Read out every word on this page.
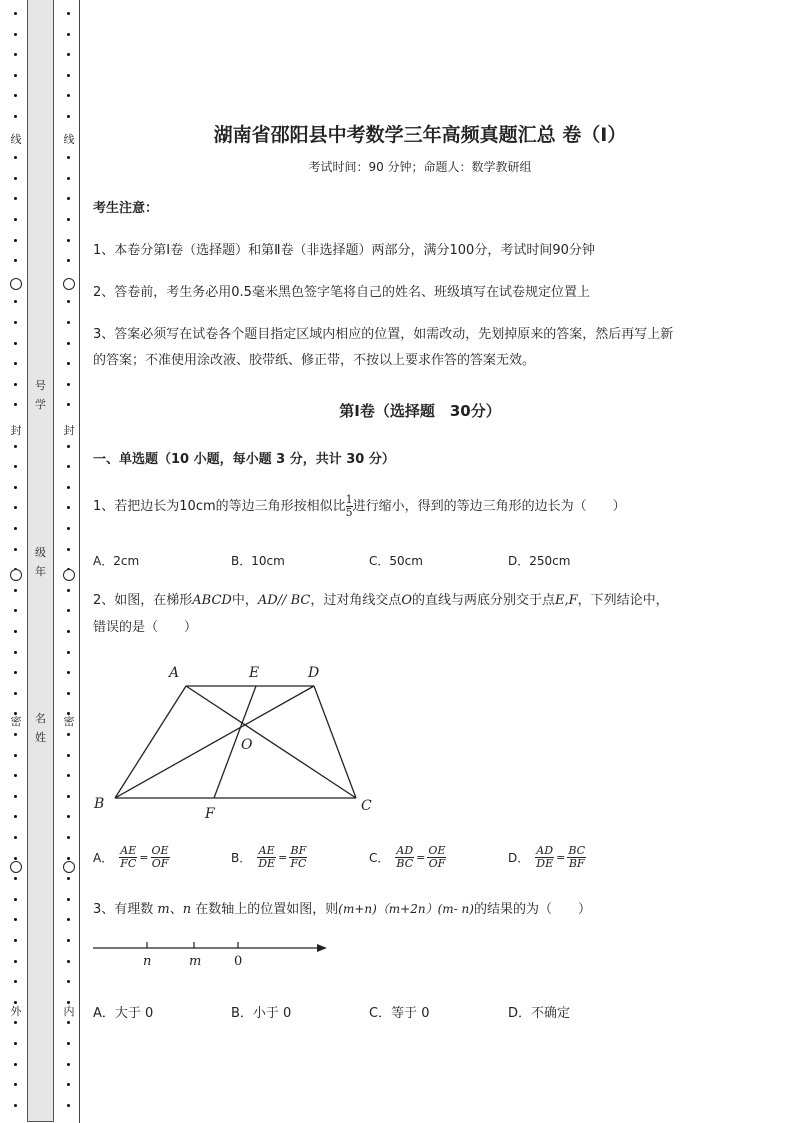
线
封
密
外
号
学
级
年
名
姓
线
封
密
内
湖南省邵阳县中考数学三年高频真题汇总 卷（Ⅰ）
考试时间：90 分钟；命题人：数学教研组
考生注意：
1、本卷分第Ⅰ卷（选择题）和第Ⅱ卷（非选择题）两部分，满分100分，考试时间90分钟
2、答卷前，考生务必用0.5毫米黑色签字笔将自己的姓名、班级填写在试卷规定位置上
3、答案必须写在试卷各个题目指定区域内相应的位置，如需改动，先划掉原来的答案，然后再写上新
的答案；不准使用涂改液、胶带纸、修正带，不按以上要求作答的答案无效。
第Ⅰ卷（选择题　30分）
一、单选题（10 小题，每小题 3 分，共计 30 分）
1、若把边长为10cm的等边三角形按相似比 $\frac{1}{5}$ 进行缩小，得到的等边三角形的边长为（　　）
A．2cm	B．10cm	C．50cm	D．250cm
2、如图，在梯形ABCD中，AD// BC，过对角线交点O的直线与两底分别交于点E,F，下列结论中，
错误的是（　　）
A	E	D
O
B
F	C
A． $\frac{AE}{FC} = \frac{OE}{OF}$	B． $\frac{AE}{DE} = \frac{BF}{FC}$	C． $\frac{AD}{BC} = \frac{OE}{OF}$	D． $\frac{AD}{DE} = \frac{BC}{BF}$
3、有理数 m、n 在数轴上的位置如图，则(m+n)（m+2n）(m- n)的结果的为（　　）
n	m	0
A．大于 0	B．小于 0	C．等于 0	D．不确定
